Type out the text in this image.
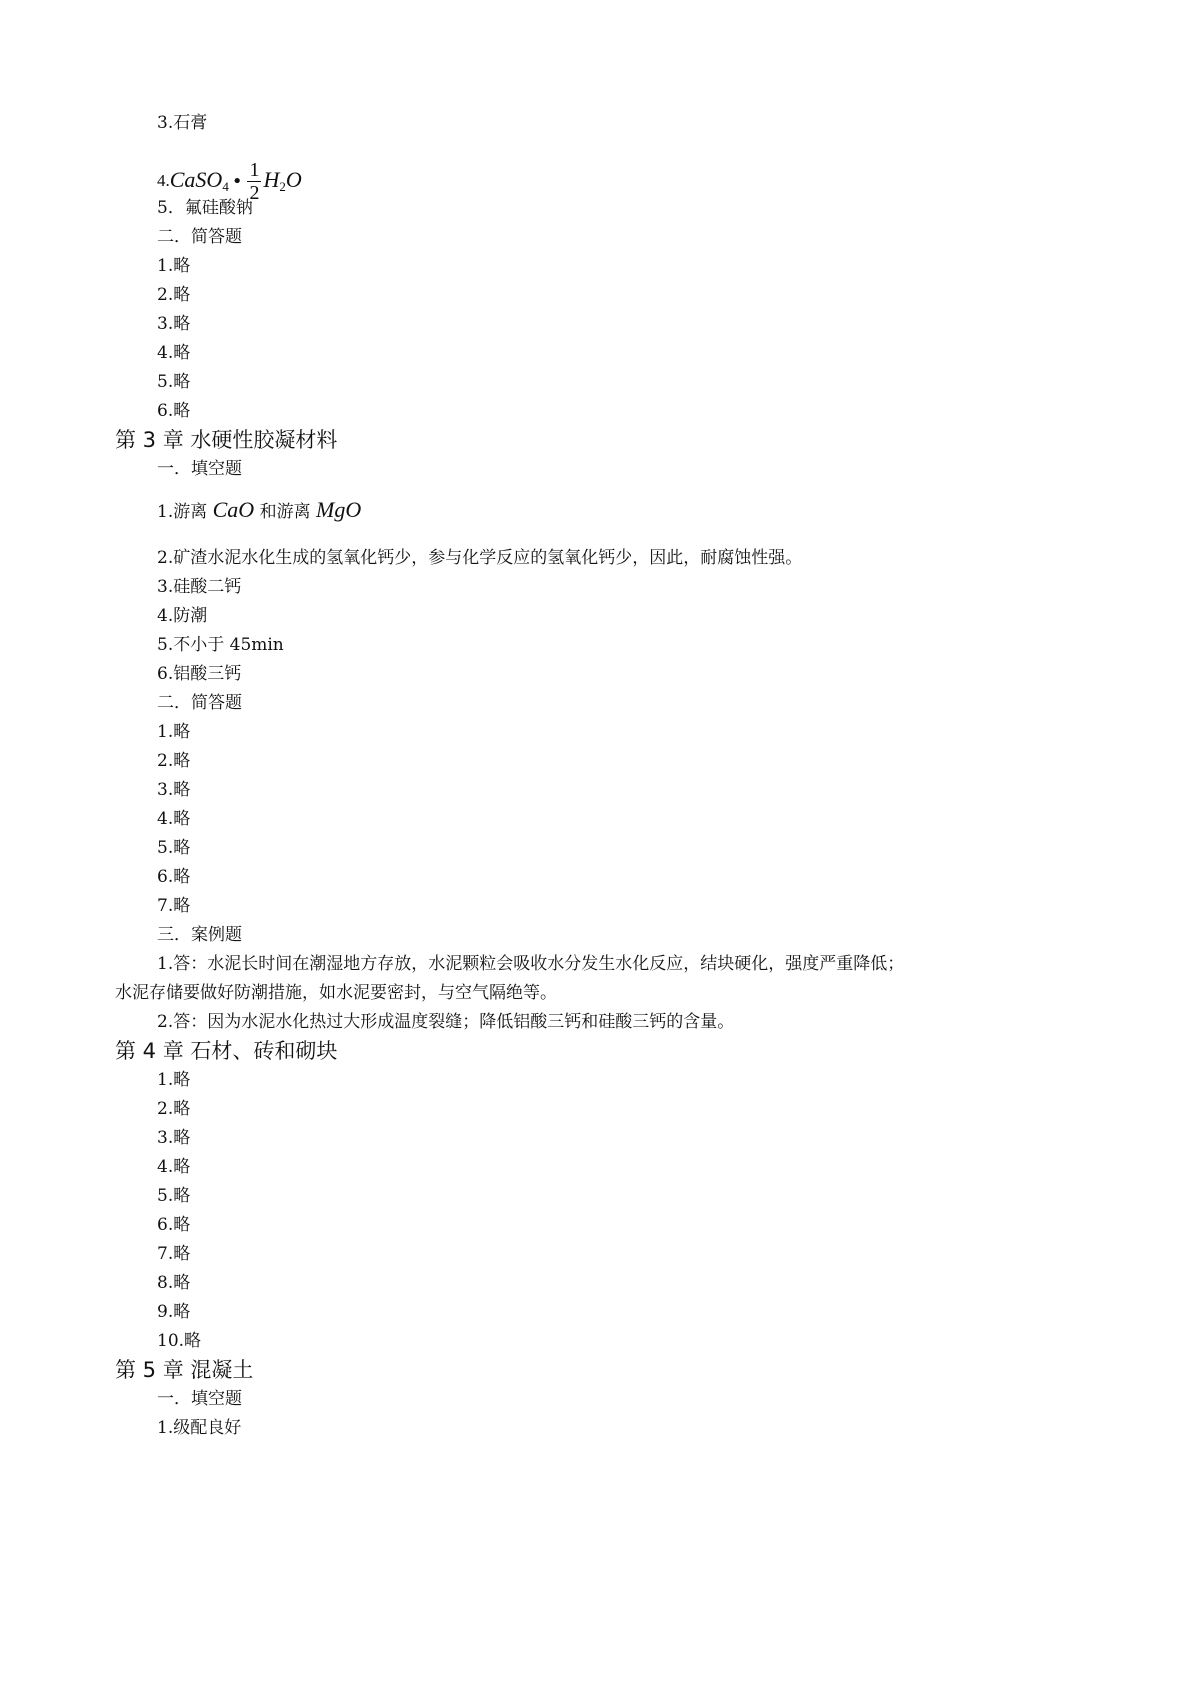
3.石膏
4. CaSO$_4$ • $\frac{1}{2} H_2O$
5．氟硅酸钠
二．简答题
1.略
2.略
3.略
4.略
5.略
6.略
第 3 章 水硬性胶凝材料
一．填空题
1.游离 CaO 和游离 MgO
2.矿渣水泥水化生成的氢氧化钙少，参与化学反应的氢氧化钙少，因此，耐腐蚀性强。
3.硅酸二钙
4.防潮
5.不小于 45min
6.铝酸三钙
二．简答题
1.略
2.略
3.略
4.略
5.略
6.略
7.略
三．案例题
1.答：水泥长时间在潮湿地方存放，水泥颗粒会吸收水分发生水化反应，结块硬化，强度严重降低；
水泥存储要做好防潮措施，如水泥要密封，与空气隔绝等。
2.答：因为水泥水化热过大形成温度裂缝；降低铝酸三钙和硅酸三钙的含量。
第 4 章 石材、砖和砌块
1.略
2.略
3.略
4.略
5.略
6.略
7.略
8.略
9.略
10.略
第 5 章 混凝土
一．填空题
1.级配良好
